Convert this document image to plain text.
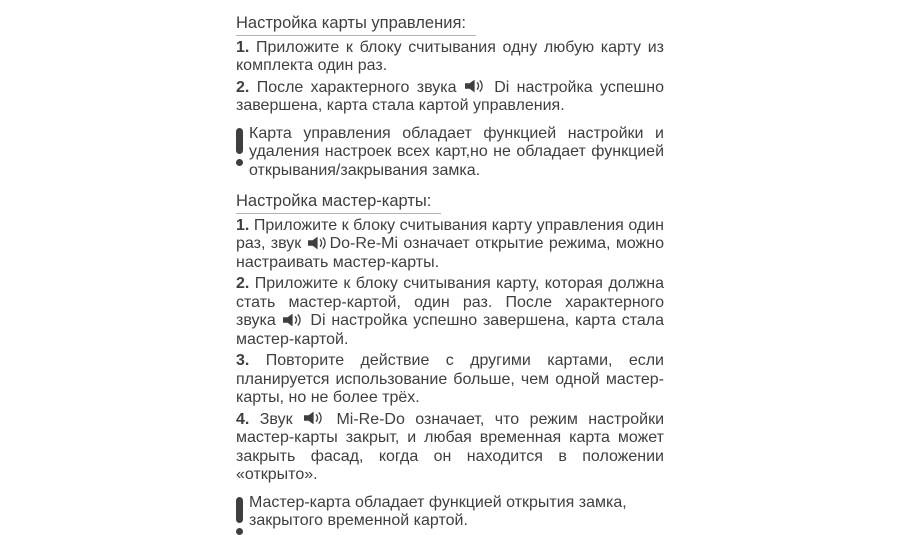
Настройка карты управления:
1. Приложите к блоку считывания одну любую карту из комплекта один раз.
2. После характерного звука  Di настройка успешно завершена, карта стала картой управления.
Карта управления обладает функцией настройки и удаления настроек всех карт,но не обладает функцией открывания/закрывания замка.
Настройка мастер-карты:
1. Приложите к блоку считывания карту управления один раз, звук Do-Re-Mi означает открытие режима, можно настраивать мастер-карты.
2. Приложите к блоку считывания карту, которая должна стать мастер-картой, один раз. После характерного звука  Di настройка успешно завершена, карта стала мастер-картой.
3. Повторите действие с другими картами, если планируется использование больше, чем одной мастер-карты, но не более трёх.
4. Звук  Mi-Re-Do означает, что режим настройки мастер-карты закрыт, и любая временная карта может закрыть фасад, когда он находится в положении «открыто».
Мастер-карта обладает функцией открытия замка,
закрытого временной картой.
